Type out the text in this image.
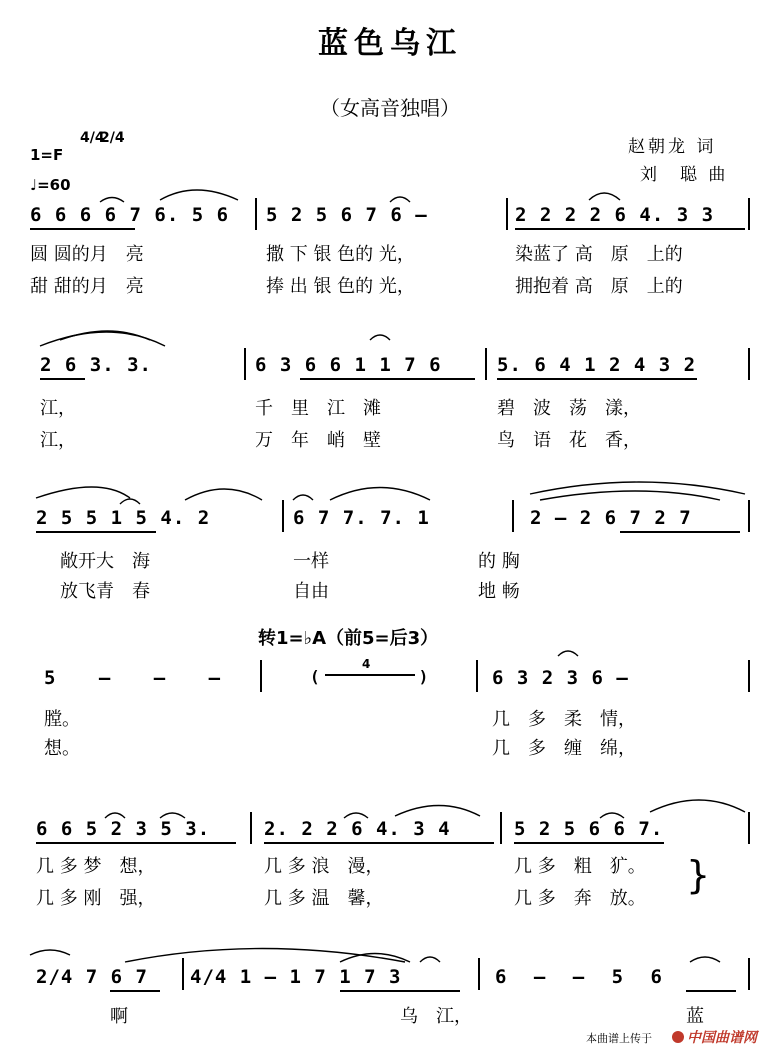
蓝色乌江
（女高音独唱）
1=F
4/4
2/4
♩=60
赵朝龙 词
刘　聪 曲
6 6 6 6 7 6. 5 6 5 2 5 6 7 6 –	2 2 2 2 6 4. 3 3
圆 圆的月　亮	撒 下 银 色的 光，	染蓝了 高　原　上的
甜 甜的月　亮	捧 出 银 色的 光，	拥抱着 高　原　上的
2 6 3. 3.	6 3 6 6 1 1 7 6	5. 6 4 1 2 4 3 2
江，	千　里　江　滩	碧　波　荡　漾，
江，	万　年　峭　壁	鸟　语　花　香，
2 5 5 1 5 4. 2	6 7 7. 7. 1	2 – 2 6 7 2 7
敞开大　海	一样	的 胸
放飞青　春	自由	地 畅
转1=♭A（前5=后3）
5 – – –	(	)
4
6 3 2 3 6 –
膛。	几　多　柔　情，
想。	几　多　缠　绵，
6 6 5 2 3 5 3.	2. 2 2 6 4. 3 4	5 2 5 6 6 7.
几 多 梦　想，	几 多 浪　漫，	几 多　粗　犷。
几 多 刚　强，	几 多 温　馨，	几 多　奔　放。
}
2/4 7 6 7 4/4 1 – 1 7 1 7 3	6 – – 5 6
啊	乌　江，	蓝
本曲谱上传于	中国曲谱网
